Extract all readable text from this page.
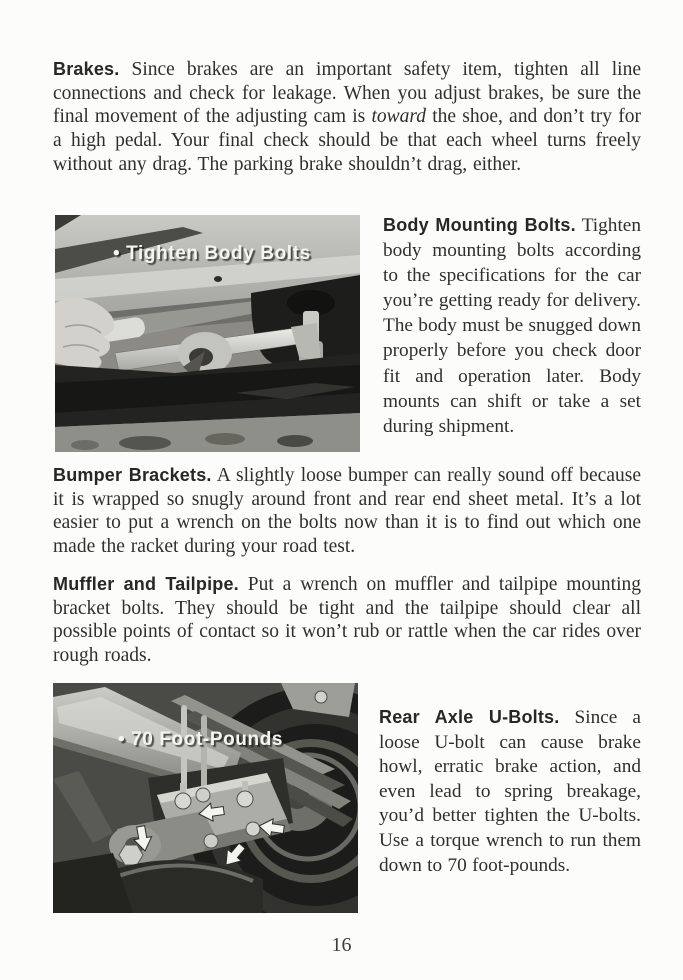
Brakes. Since brakes are an important safety item, tighten all line connections and check for leakage. When you adjust brakes, be sure the final movement of the adjusting cam is toward the shoe, and don’t try for a high pedal. Your final check should be that each wheel turns freely without any drag. The parking brake shouldn’t drag, either.

• Tighten Body Bolts

Body Mounting Bolts. Tighten body mounting bolts according to the specifications for the car you’re getting ready for delivery. The body must be snugged down properly before you check door fit and operation later. Body mounts can shift or take a set during shipment.

Bumper Brackets. A slightly loose bumper can really sound off because it is wrapped so snugly around front and rear end sheet metal. It’s a lot easier to put a wrench on the bolts now than it is to find out which one made the racket during your road test.

Muffler and Tailpipe. Put a wrench on muffler and tailpipe mounting bracket bolts. They should be tight and the tailpipe should clear all possible points of contact so it won’t rub or rattle when the car rides over rough roads.

• 70 Foot-Pounds

Rear Axle U-Bolts. Since a loose U-bolt can cause brake howl, erratic brake action, and even lead to spring breakage, you’d better tighten the U-bolts. Use a torque wrench to run them down to 70 foot-pounds.

16
